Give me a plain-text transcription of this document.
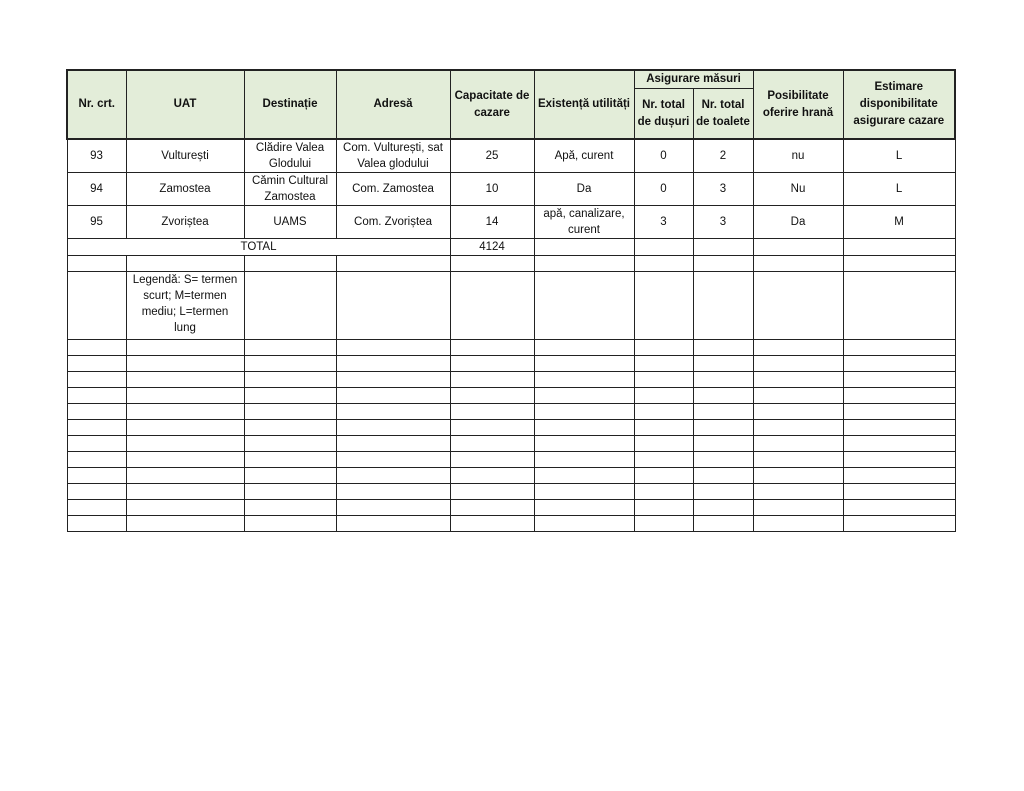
Nr. crt.	UAT	Destinație	Adresă	Capacitate de cazare	Existență utilități	Asigurare măsuri		Posibilitate oferire hrană	Estimare disponibilitate asigurare cazare
						Nr. total de dușuri	Nr. total de toalete		
93	Vulturești	Clădire Valea Glodului	Com. Vulturești, sat Valea glodului	25	Apă, curent	0	2	nu	L
94	Zamostea	Cămin Cultural Zamostea	Com. Zamostea	10	Da	0	3	Nu	L
95	Zvoriștea	UAMS	Com. Zvoriștea	14	apă, canalizare, curent	3	3	Da	M
TOTAL				4124					

	Legendă: S= termen scurt; M=termen mediu; L=termen lung								
